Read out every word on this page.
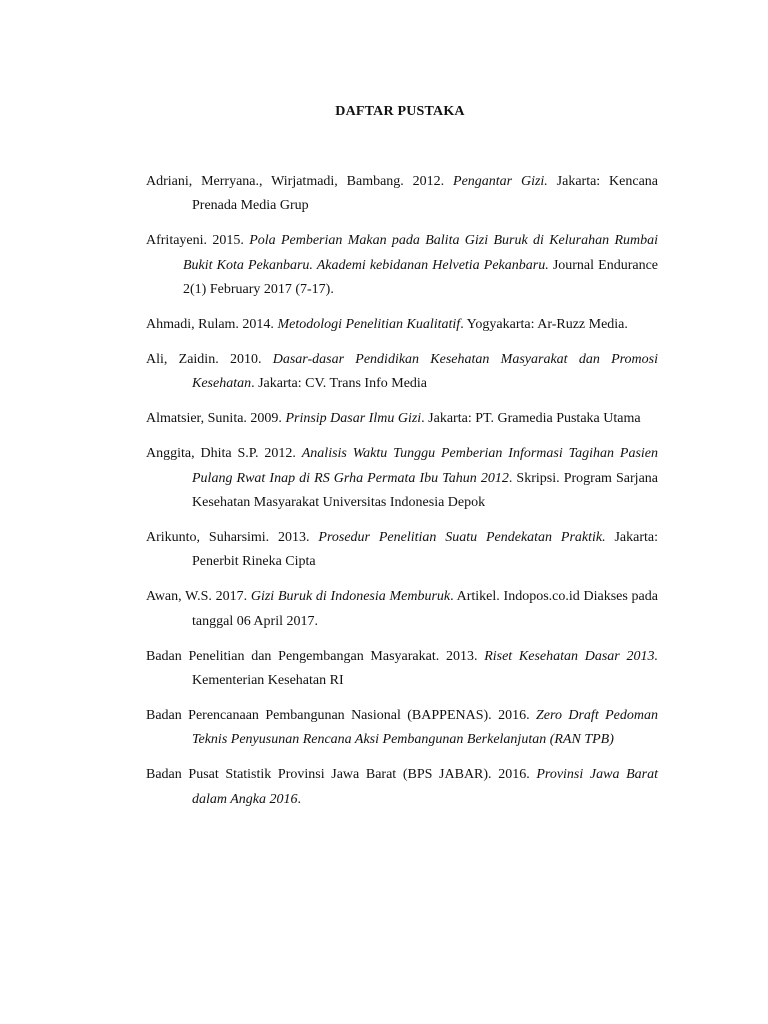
DAFTAR PUSTAKA

Adriani, Merryana., Wirjatmadi, Bambang. 2012. Pengantar Gizi. Jakarta: Kencana Prenada Media Grup

Afritayeni. 2015. Pola Pemberian Makan pada Balita Gizi Buruk di Kelurahan Rumbai Bukit Kota Pekanbaru. Akademi kebidanan Helvetia Pekanbaru. Journal Endurance 2(1) February 2017 (7-17).

Ahmadi, Rulam. 2014. Metodologi Penelitian Kualitatif. Yogyakarta: Ar-Ruzz Media.

Ali, Zaidin. 2010. Dasar-dasar Pendidikan Kesehatan Masyarakat dan Promosi Kesehatan. Jakarta: CV. Trans Info Media

Almatsier, Sunita. 2009. Prinsip Dasar Ilmu Gizi. Jakarta: PT. Gramedia Pustaka Utama

Anggita, Dhita S.P. 2012. Analisis Waktu Tunggu Pemberian Informasi Tagihan Pasien Pulang Rwat Inap di RS Grha Permata Ibu Tahun 2012. Skripsi. Program Sarjana Kesehatan Masyarakat Universitas Indonesia Depok

Arikunto, Suharsimi. 2013. Prosedur Penelitian Suatu Pendekatan Praktik. Jakarta: Penerbit Rineka Cipta

Awan, W.S. 2017. Gizi Buruk di Indonesia Memburuk. Artikel. Indopos.co.id Diakses pada tanggal 06 April 2017.

Badan Penelitian dan Pengembangan Masyarakat. 2013. Riset Kesehatan Dasar 2013. Kementerian Kesehatan RI

Badan Perencanaan Pembangunan Nasional (BAPPENAS). 2016. Zero Draft Pedoman Teknis Penyusunan Rencana Aksi Pembangunan Berkelanjutan (RAN TPB)

Badan Pusat Statistik Provinsi Jawa Barat (BPS JABAR). 2016. Provinsi Jawa Barat dalam Angka 2016.
